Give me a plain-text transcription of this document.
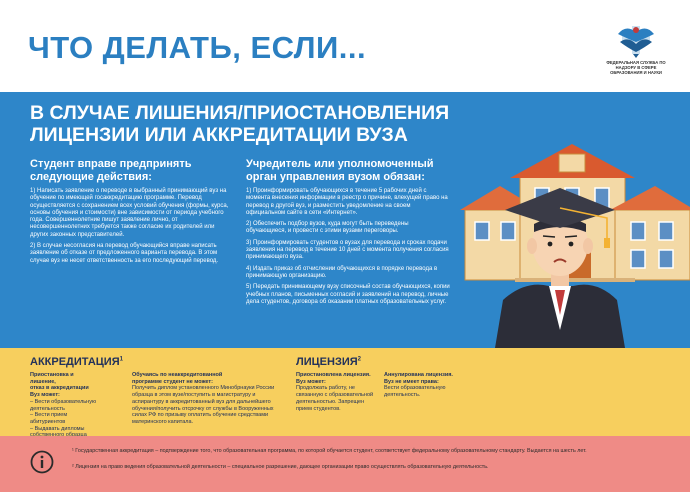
ЧТО ДЕЛАТЬ, ЕСЛИ...	ФЕДЕРАЛЬНАЯ СЛУЖБА ПО НАДЗОРУ В СФЕРЕ ОБРАЗОВАНИЯ И НАУКИ
В СЛУЧАЕ ЛИШЕНИЯ/ПРИОСТАНОВЛЕНИЯ
ЛИЦЕНЗИИ ИЛИ АККРЕДИТАЦИИ ВУЗА
Студент вправе предпринять
следующие действия:
1) Написать заявление о переводе в выбранный принимающий вуз на обучение по имеющей госаккредитацию программе. Перевод осуществляется с сохранением всех условий обучения (формы, курса, основы обучения и стоимости) вне зависимости от периода учебного года. Совершеннолетние пишут заявление лично, от несовершеннолетних требуется также согласие их родителей или других законных представителей.
2) В случае несогласия на перевод обучающийся вправе написать заявление об отказе от предложенного варианта перевода. В этом случае вуз не несет ответственность за его последующий перевод.
Учредитель или уполномоченный
орган управления вузом обязан:
1) Проинформировать обучающихся в течение 5 рабочих дней с момента внесения информации в реестр о причине, влекущей право на перевод в другой вуз, и разместить уведомление на своем официальном сайте в сети «Интернет».
2) Обеспечить подбор вузов, куда могут быть переведены обучающиеся, и провести с этими вузами переговоры.
3) Проинформировать студентов о вузах для перевода и сроках подачи заявления на перевод в течение 10 дней с момента получения согласия принимающего вуза.
4) Издать приказ об отчислении обучающихся в порядке перевода в принимающую организацию.
5) Передать принимающему вузу списочный состав обучающихся, копии учебных планов, письменных согласий и заявлений на перевод, личные дела студентов, договора об оказании платных образовательных услуг.
АККРЕДИТАЦИЯ$^1$
Приостановка и лишение,
отказ в аккредитации
Вуз может:
– Вести образовательную деятельность
– Вести прием абитуриентов
– Выдавать дипломы
Обучаясь по неаккредитованной
программе студент не может:
Получить диплом установленного Минобрнауки России образца в этом вузе/поступить в магистратуру и аспирантуру в аккредитованный вуз для дальнейшего обучения/получить отсрочку от службы в Вооруженных силах РФ по призыву оплатить обучение средствами материнского капитала.
ЛИЦЕНЗИЯ$^2$
Приостановлена лицензия.
Вуз может:
Продолжать работу, не связанную с образовательной деятельностью. Запрещен прием студентов.
Аннулирована лицензия.
Вуз не имеет права:
Вести образовательную деятельность.
¹ Государственная аккредитация – подтверждение того, что образовательная программа, по которой обучается студент, соответствует федеральному образовательному стандарту. Выдается на шесть лет.
² Лицензия на право ведения образовательной деятельности – специальное разрешение, дающее организации право осуществлять образовательную деятельность.
